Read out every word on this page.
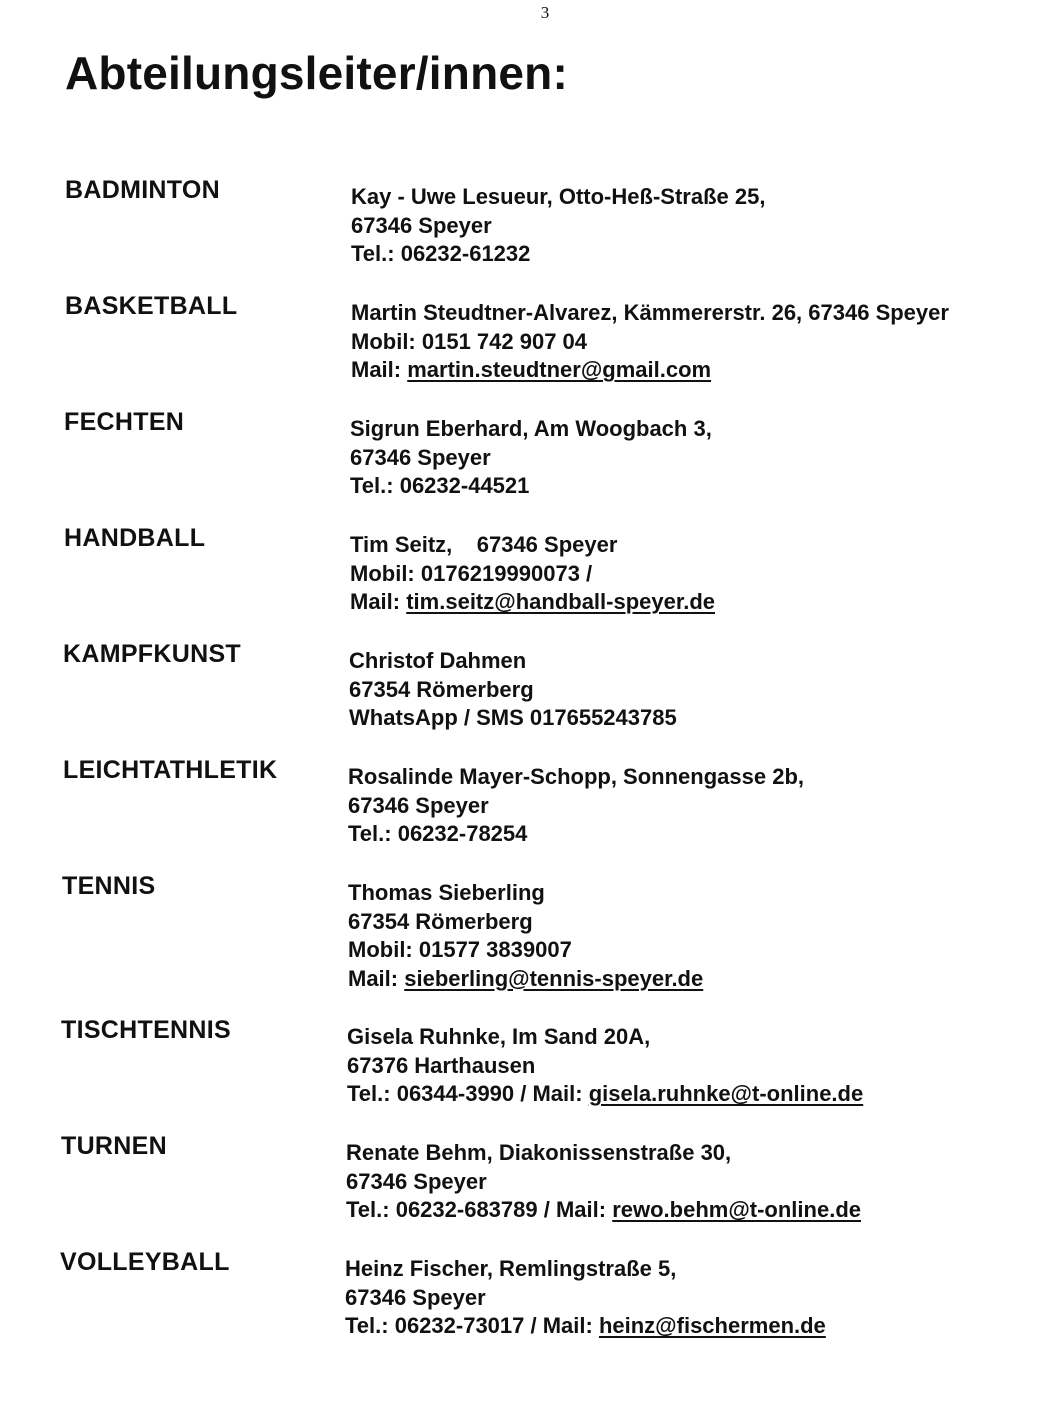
3
Abteilungsleiter/innen:
BADMINTON	Kay - Uwe Lesueur, Otto-Heß-Straße 25,
67346 Speyer
Tel.: 06232-61232
BASKETBALL	Martin Steudtner-Alvarez, Kämmererstr. 26, 67346 Speyer
Mobil: 0151 742 907 04
Mail: martin.steudtner@gmail.com
FECHTEN	Sigrun Eberhard, Am Woogbach 3,
67346 Speyer
Tel.: 06232-44521
HANDBALL	Tim Seitz,    67346 Speyer
Mobil: 0176219990073 /
Mail: tim.seitz@handball-speyer.de
KAMPFKUNST	Christof Dahmen
67354 Römerberg
WhatsApp / SMS 017655243785
LEICHTATHLETIK	Rosalinde Mayer-Schopp, Sonnengasse 2b,
67346 Speyer
Tel.: 06232-78254
TENNIS	Thomas Sieberling
67354 Römerberg
Mobil: 01577 3839007
Mail: sieberling@tennis-speyer.de
TISCHTENNIS	Gisela Ruhnke, Im Sand 20A,
67376 Harthausen
Tel.: 06344-3990 / Mail: gisela.ruhnke@t-online.de
TURNEN	Renate Behm, Diakonissenstraße 30,
67346 Speyer
Tel.: 06232-683789 / Mail: rewo.behm@t-online.de
VOLLEYBALL	Heinz Fischer, Remlingstraße 5,
67346 Speyer
Tel.: 06232-73017 / Mail: heinz@fischermen.de
